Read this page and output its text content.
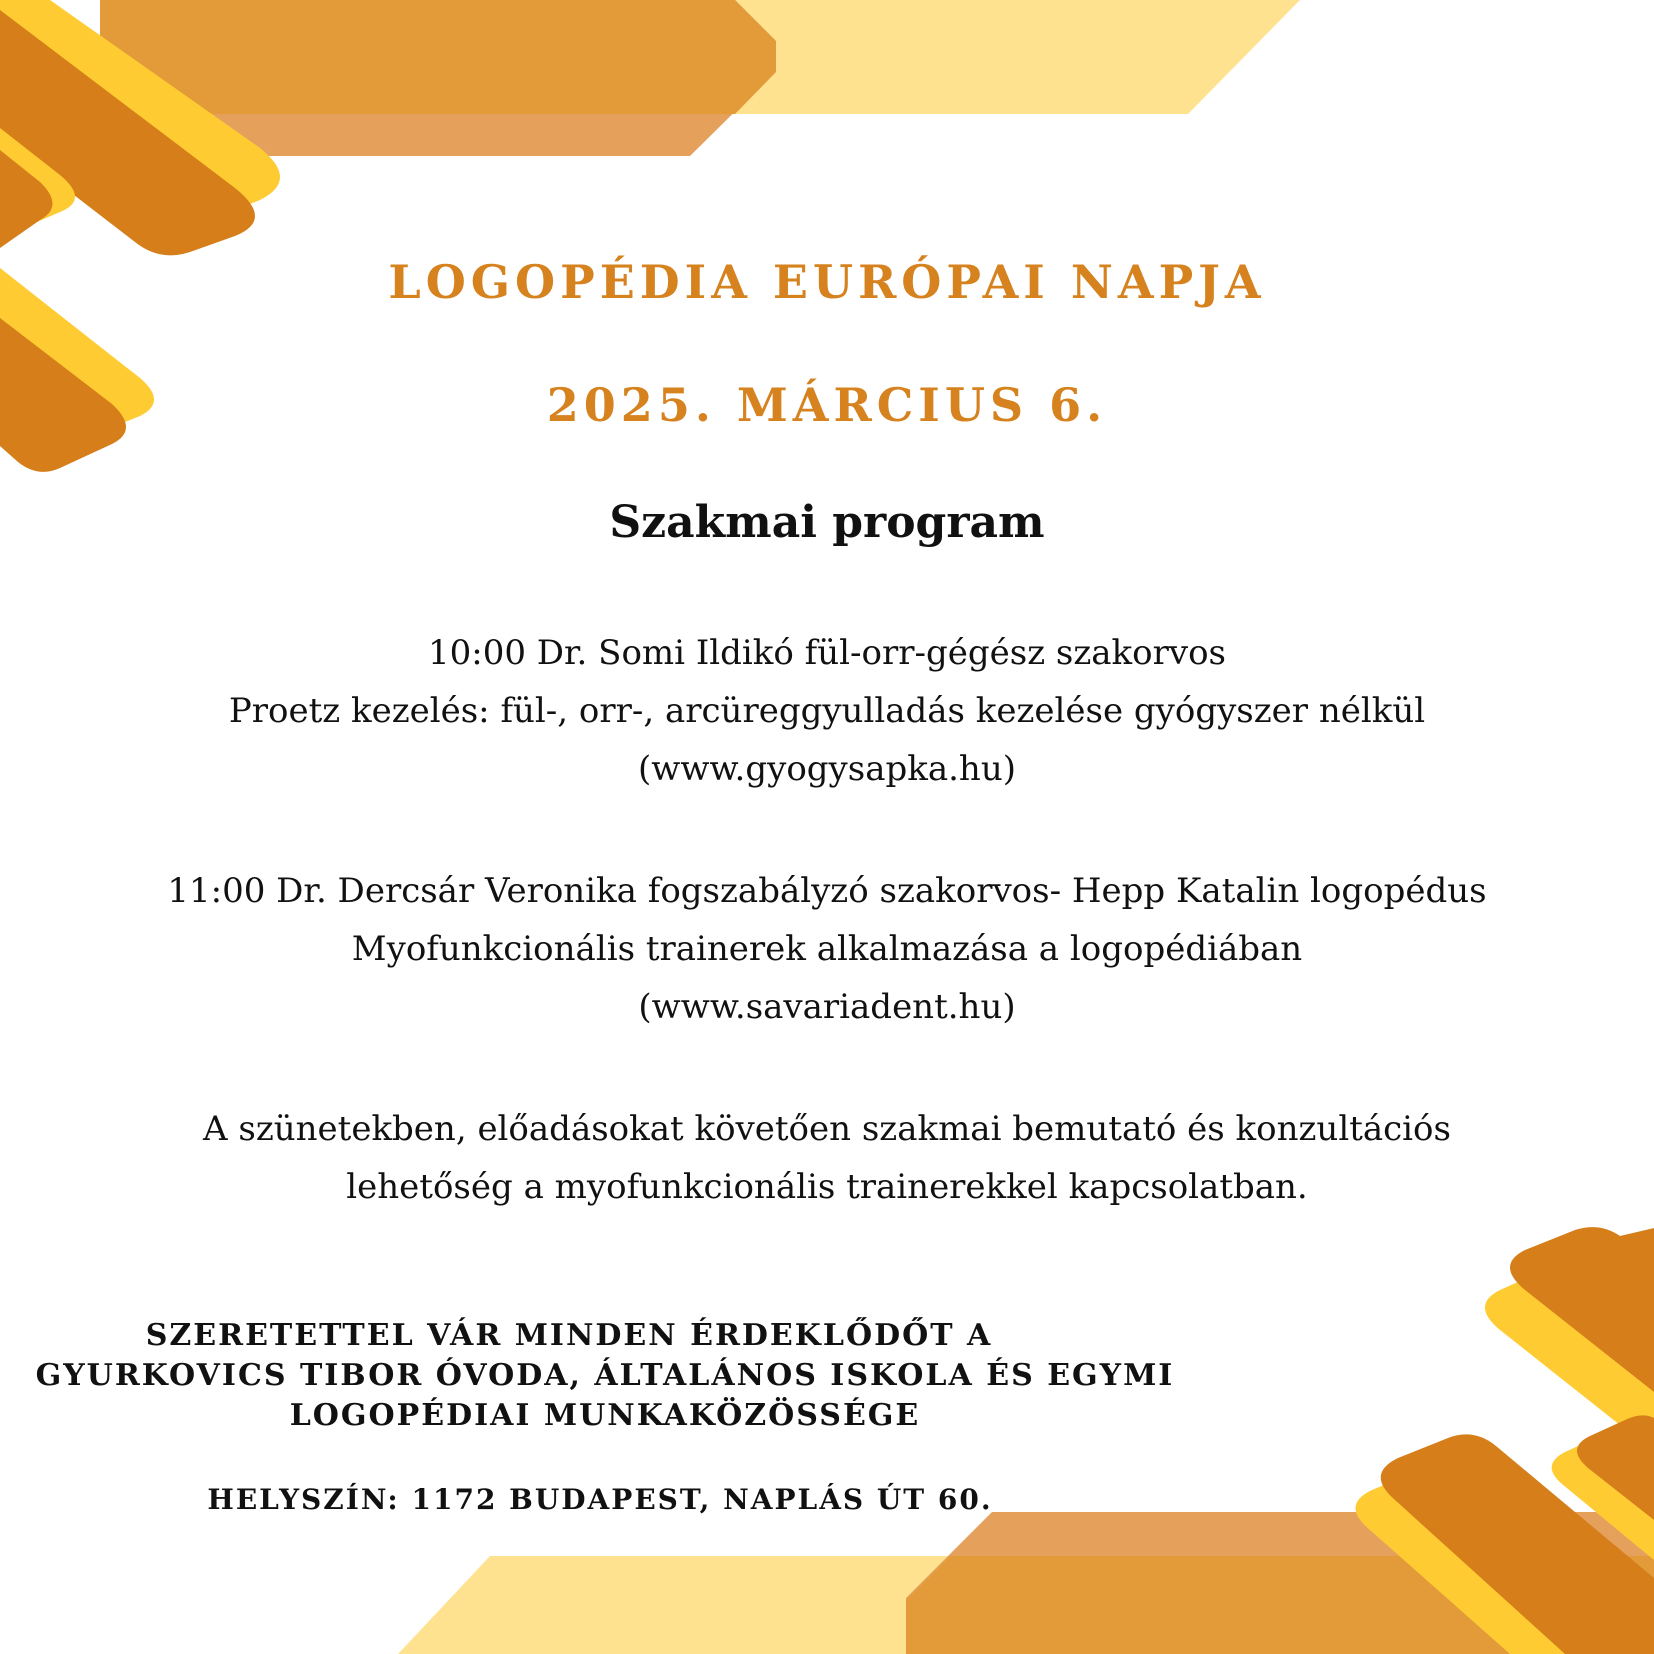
LOGOPÉDIA EURÓPAI NAPJA
2025. MÁRCIUS 6.
Szakmai program
10:00 Dr. Somi Ildikó fül-orr-gégész szakorvos
Proetz kezelés: fül-, orr-, arcüreggyulladás kezelése gyógyszer nélkül
(www.gyogysapka.hu)
11:00 Dr. Dercsár Veronika fogszabályzó szakorvos- Hepp Katalin logopédus
Myofunkcionális trainerek alkalmazása a logopédiában
(www.savariadent.hu)
A szünetekben, előadásokat követően szakmai bemutató és konzultációs
lehetőség a myofunkcionális trainerekkel kapcsolatban.
SZERETETTEL VÁR MINDEN ÉRDEKLŐDŐT A
GYURKOVICS TIBOR ÓVODA, ÁLTALÁNOS ISKOLA ÉS EGYMI
LOGOPÉDIAI MUNKAKÖZÖSSÉGE
HELYSZÍN: 1172 BUDAPEST, NAPLÁS ÚT 60.
